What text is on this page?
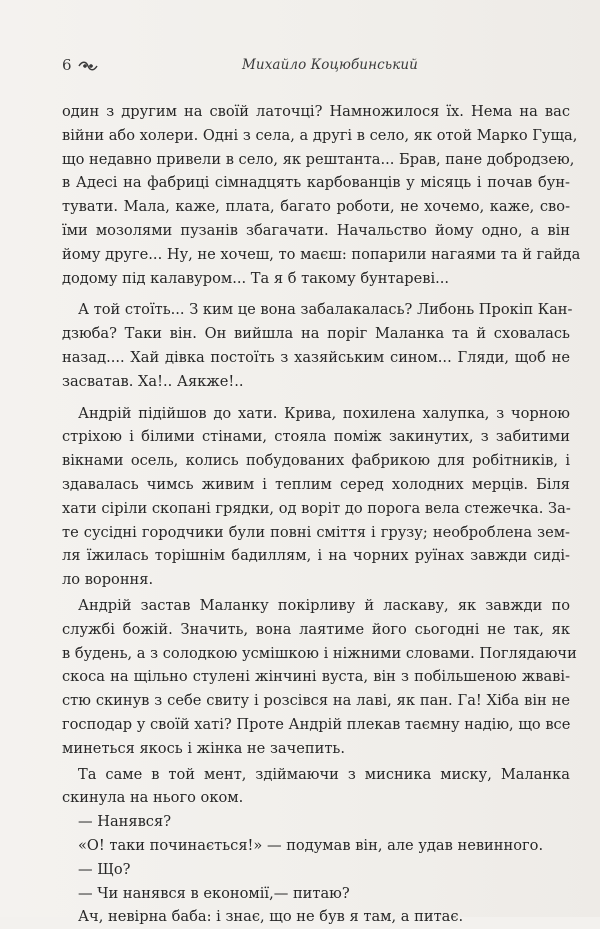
6	Михайло Коцюбинський
один з другим на своїй латочці? Намножилося їх. Нема на вас
війни або холери. Одні з села, а другі в село, як отой Марко Гуща,
що недавно привели в село, як рештанта... Брав, пане добродзею,
в Адесі на фабриці сімнадцять карбованців у місяць і почав бун-
тувати. Мала, каже, плата, багато роботи, не хочемо, каже, сво-
їми мозолями пузанів збагачати. Начальство йому одно, а він
йому друге... Ну, не хочеш, то маєш: попарили нагаями та й гайда
додому під калавуром... Та я б такому бунтареві...
А той стоїть... З ким це вона забалакалась? Либонь Прокіп Кан-
дзюба? Таки він. Он вийшла на поріг Маланка та й сховалась
назад.... Хай дівка постоїть з хазяйським сином... Гляди, щоб не
засватав. Ха!.. Аякже!..
Андрій підійшов до хати. Крива, похилена халупка, з чорною
стріхою і білими стінами, стояла поміж закинутих, з забитими
вікнами осель, колись побудованих фабрикою для робітників, і
здавалась чимсь живим і теплим серед холодних мерців. Біля
хати сіріли скопані грядки, од воріт до порога вела стежечка. За-
те сусідні городчики були повні сміття і грузу; необроблена зем-
ля їжилась торішнім бадиллям, і на чорних руїнах завжди сиді-
ло вороння.
Андрій застав Маланку покірливу й ласкаву, як завжди по
службі божій. Значить, вона лаятиме його сьогодні не так, як
в будень, а з солодкою усмішкою і ніжними словами. Поглядаючи
скоса на щільно стулені жінчині вуста, він з побільшеною жваві-
стю скинув з себе свиту і розсівся на лаві, як пан. Га! Хіба він не
господар у своїй хаті? Проте Андрій плекав таємну надію, що все
минеться якось і жінка не зачепить.
Та саме в той мент, здіймаючи з мисника миску, Маланка
скинула на нього оком.
— Нанявся?
«О! таки починається!» — подумав він, але удав невинного.
— Що?
— Чи нанявся в економії,— питаю?
Ач, невірна баба: і знає, що не був я там, а питає.
